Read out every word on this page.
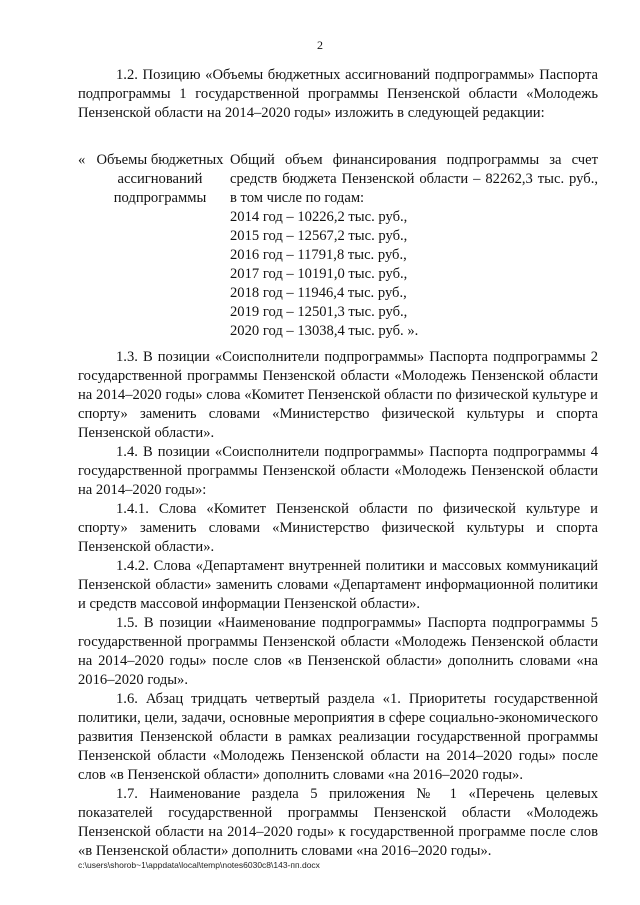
2

1.2. Позицию «Объемы бюджетных ассигнований подпрограммы» Паспорта подпрограммы 1 государственной программы Пензенской области «Молодежь Пензенской области на 2014–2020 годы» изложить в следующей редакции:

« Объемы бюджетных ассигнований подпрограммы

Общий объем финансирования подпрограммы за счет средств бюджета Пензенской области – 82262,3 тыс. руб., в том числе по годам:

2014 год – 10226,2 тыс. руб.,
2015 год – 12567,2 тыс. руб.,
2016 год – 11791,8 тыс. руб.,
2017 год – 10191,0 тыс. руб.,
2018 год – 11946,4 тыс. руб.,
2019 год – 12501,3 тыс. руб.,
2020 год – 13038,4 тыс. руб. ».

1.3. В позиции «Соисполнители подпрограммы» Паспорта подпрограммы 2 государственной программы Пензенской области «Молодежь Пензенской области на 2014–2020 годы» слова «Комитет Пензенской области по физической культуре и спорту» заменить словами «Министерство физической культуры и спорта Пензенской области».

1.4. В позиции «Соисполнители подпрограммы» Паспорта подпрограммы 4 государственной программы Пензенской области «Молодежь Пензенской области на 2014–2020 годы»:

1.4.1. Слова «Комитет Пензенской области по физической культуре и спорту» заменить словами «Министерство физической культуры и спорта Пензенской области».

1.4.2. Слова «Департамент внутренней политики и массовых коммуникаций Пензенской области» заменить словами «Департамент информационной политики и средств массовой информации Пензенской области».

1.5. В позиции «Наименование подпрограммы» Паспорта подпрограммы 5 государственной программы Пензенской области «Молодежь Пензенской области на 2014–2020 годы» после слов «в Пензенской области» дополнить словами «на 2016–2020 годы».

1.6. Абзац тридцать четвертый раздела «1. Приоритеты государственной политики, цели, задачи, основные мероприятия в сфере социально-экономического развития Пензенской области в рамках реализации государственной программы Пензенской области «Молодежь Пензенской области на 2014–2020 годы» после слов «в Пензенской области» дополнить словами «на 2016–2020 годы».

1.7. Наименование раздела 5 приложения № 1 «Перечень целевых показателей государственной программы Пензенской области «Молодежь Пензенской области на 2014–2020 годы» к государственной программе после слов «в Пензенской области» дополнить словами «на 2016–2020 годы».

c:\users\shorob~1\appdata\local\temp\notes6030c8\143-пп.docx
